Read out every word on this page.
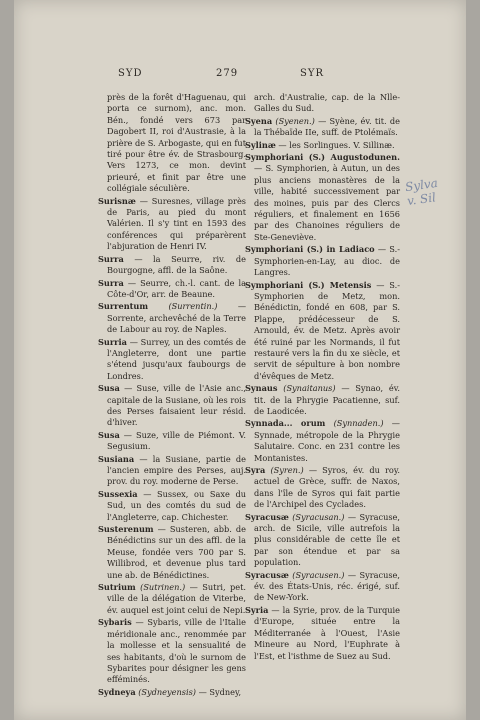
SYD	279	SYR
près de la forêt d'Haguenau, qui porta ce surnom), anc. mon. Bén., fondé vers 673 par Dagobert II, roi d'Austrasie, à la prière de S. Arbogaste, qui en fut tiré pour être év. de Strasbourg. Vers 1273, ce mon. devint prieuré, et finit par être une collégiale séculière.
Surisnæ — Suresnes, village près de Paris, au pied du mont Valérien. Il s'y tint en 1593 des conférences qui préparèrent l'abjuration de Henri IV.
Surra — la Seurre, riv. de Bourgogne, affl. de la Saône.
Surra — Seurre, ch.-l. cant. de la Côte-d'Or, arr. de Beaune.
Surrentum (Surrentin.) — Sorrente, archevêché de la Terre de Labour au roy. de Naples.
Surria — Surrey, un des comtés de l'Angleterre, dont une partie s'étend jusqu'aux faubourgs de Londres.
Susa — Suse, ville de l'Asie anc., capitale de la Susiane, où les rois des Perses faisaient leur résid. d'hiver.
Susa — Suze, ville de Piémont. V. Segusium.
Susiana — la Susiane, partie de l'ancien empire des Perses, auj. prov. du roy. moderne de Perse.
Sussexia — Sussex, ou Saxe du Sud, un des comtés du sud de l'Angleterre, cap. Chichester.
Susterenum — Susteren, abb. de Bénédictins sur un des affl. de la Meuse, fondée vers 700 par S. Willibrod, et devenue plus tard une ab. de Bénédictines.
Sutrium (Sutrinen.) — Sutri, pet. ville de la délégation de Viterbe, év. auquel est joint celui de Nepi.
Sybaris — Sybaris, ville de l'Italie méridionale anc., renommée par la mollesse et la sensualité de ses habitants, d'où le surnom de Sybarites pour désigner les gens efféminés.
Sydneya (Sydneyensis) — Sydney,
arch. d'Australie, cap. de la Nlle-Galles du Sud.
Syena (Syenen.) — Syène, év. tit. de la Thébaïde IIe, suff. de Ptolémaïs.
Sylinæ — les Sorlingues. V. Sillinæ.
Symphoriani (S.) Augustodunen. — S. Symphorien, à Autun, un des plus anciens monastères de la ville, habité successivement par des moines, puis par des Clercs réguliers, et finalement en 1656 par des Chanoines réguliers de Ste-Geneviève.
Symphoriani (S.) in Ladiaco — S.-Symphorien-en-Lay, au dioc. de Langres.
Symphoriani (S.) Metensis — S.-Symphorien de Metz, mon. Bénédictin, fondé en 608, par S. Plappe, prédécesseur de S. Arnould, év. de Metz. Après avoir été ruiné par les Normands, il fut restauré vers la fin du xe siècle, et servit de sépulture à bon nombre d'évêques de Metz.
Synaus (Synaitanus) — Synao, év. tit. de la Phrygie Pacatienne, suf. de Laodicée.
Synnada... orum (Synnaden.) — Synnade, métropole de la Phrygie Salutaire. Conc. en 231 contre les Montanistes.
Syra (Syren.) — Syros, év. du roy. actuel de Grèce, suffr. de Naxos, dans l'île de Syros qui fait partie de l'Archipel des Cyclades.
Syracusæ (Syracusan.) — Syracuse, arch. de Sicile, ville autrefois la plus considérable de cette île et par son étendue et par sa population.
Syracusæ (Syracusen.) — Syracuse, év. des États-Unis, réc. érigé, suf. de New-York.
Syria — la Syrie, prov. de la Turquie d'Europe, située entre la Méditerranée à l'Ouest, l'Asie Mineure au Nord, l'Euphrate à l'Est, et l'isthme de Suez au Sud.
Sylva
v. Sil
